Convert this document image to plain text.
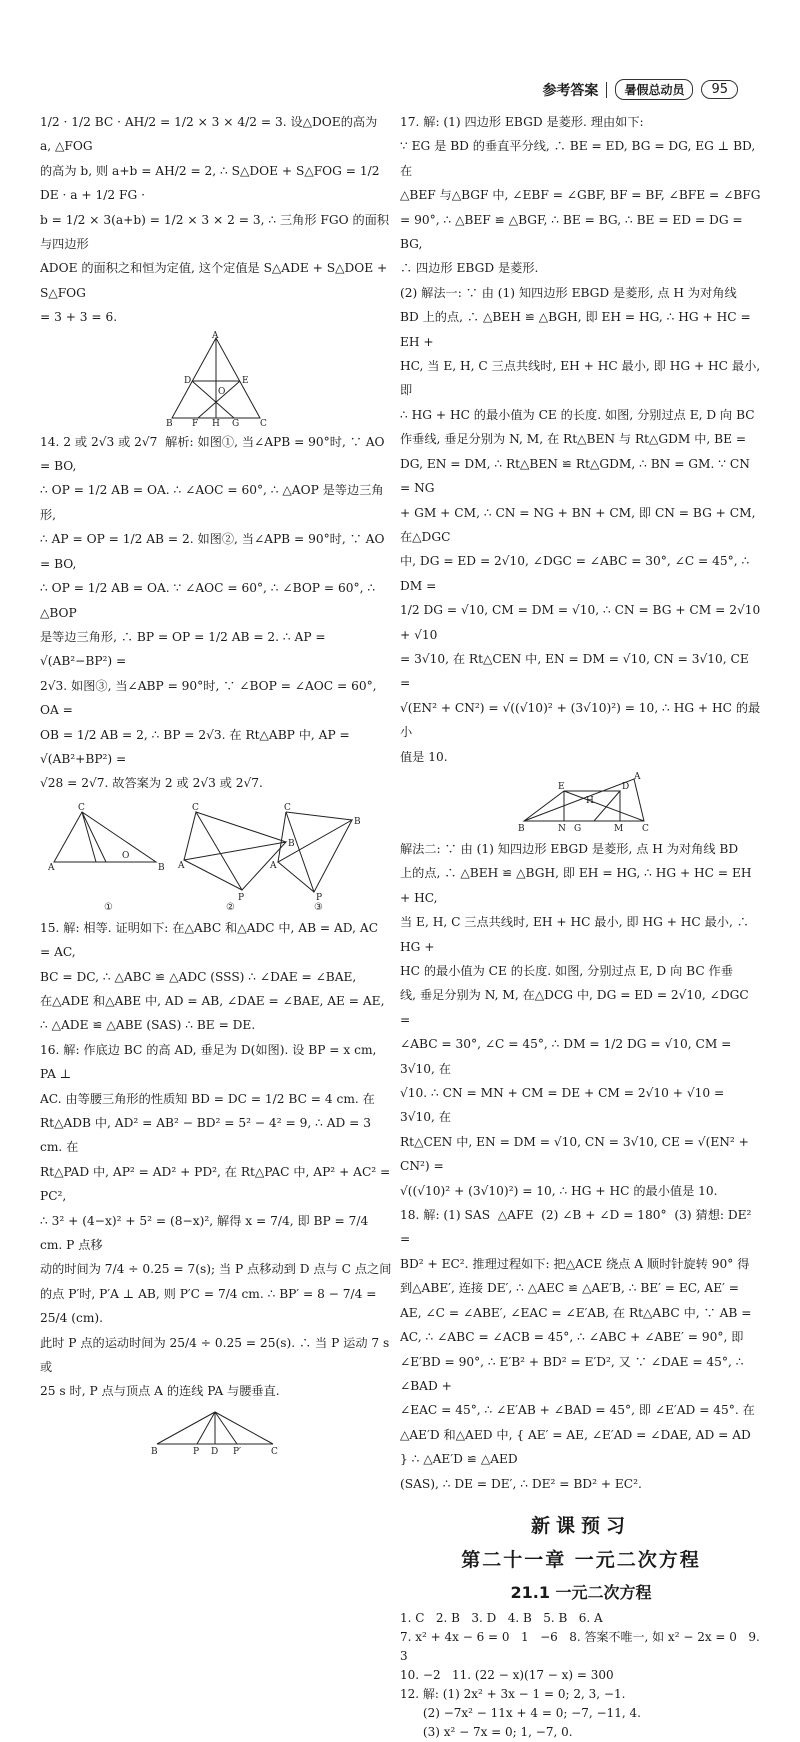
参考答案	暑假总动员	95

1/2 · 1/2 BC · AH/2 = 1/2 × 3 × 4/2 = 3. 设△DOE的高为 a, △FOG

的高为 b, 则 a+b = AH/2 = 2, ∴ S△DOE + S△FOG = 1/2 DE · a + 1/2 FG ·

b = 1/2 × 3(a+b) = 1/2 × 3 × 2 = 3, ∴ 三角形 FGO 的面积与四边形

ADOE 的面积之和恒为定值, 这个定值是 S△ADE + S△DOE + S△FOG

= 3 + 3 = 6.

A
D	E
O
B F H G C

14. 2 或 2√3 或 2√7  解析: 如图①, 当∠APB = 90°时, ∵ AO = BO,

∴ OP = 1/2 AB = OA. ∴ ∠AOC = 60°, ∴ △AOP 是等边三角形,

∴ AP = OP = 1/2 AB = 2. 如图②, 当∠APB = 90°时, ∵ AO = BO,

∴ OP = 1/2 AB = OA. ∵ ∠AOC = 60°, ∴ ∠BOP = 60°, ∴ △BOP

是等边三角形, ∴ BP = OP = 1/2 AB = 2. ∴ AP = √(AB²−BP²) =

2√3. 如图③, 当∠ABP = 90°时, ∵ ∠BOP = ∠AOC = 60°, OA =

OB = 1/2 AB = 2, ∴ BP = 2√3. 在 Rt△ABP 中, AP = √(AB²+BP²) =

√28 = 2√7. 故答案为 2 或 2√3 或 2√7.

C
A	B
O
C
A
B
P
C
A
B
P
①	②	③

15. 解: 相等. 证明如下: 在△ABC 和△ADC 中, AB = AD, AC = AC,

BC = DC, ∴ △ABC ≌ △ADC (SSS) ∴ ∠DAE = ∠BAE,

在△ADE 和△ABE 中, AD = AB, ∠DAE = ∠BAE, AE = AE,

∴ △ADE ≌ △ABE (SAS) ∴ BE = DE.

16. 解: 作底边 BC 的高 AD, 垂足为 D(如图). 设 BP = x cm, PA ⊥

AC. 由等腰三角形的性质知 BD = DC = 1/2 BC = 4 cm. 在

Rt△ADB 中, AD² = AB² − BD² = 5² − 4² = 9, ∴ AD = 3 cm. 在

Rt△PAD 中, AP² = AD² + PD², 在 Rt△PAC 中, AP² + AC² = PC²,

∴ 3² + (4−x)² + 5² = (8−x)², 解得 x = 7/4, 即 BP = 7/4 cm. P 点移

动的时间为 7/4 ÷ 0.25 = 7(s); 当 P 点移动到 D 点与 C 点之间

的点 P′时, P′A ⊥ AB, 则 P′C = 7/4 cm. ∴ BP′ = 8 − 7/4 = 25/4 (cm).

此时 P 点的运动时间为 25/4 ÷ 0.25 = 25(s). ∴ 当 P 运动 7 s 或

25 s 时, P 点与顶点 A 的连线 PA 与腰垂直.

B	P D P′	C

17. 解: (1) 四边形 EBGD 是菱形. 理由如下:

∵ EG 是 BD 的垂直平分线, ∴ BE = ED, BG = DG, EG ⊥ BD, 在

△BEF 与△BGF 中, ∠EBF = ∠GBF, BF = BF, ∠BFE = ∠BFG

= 90°, ∴ △BEF ≌ △BGF, ∴ BE = BG, ∴ BE = ED = DG = BG,

∴ 四边形 EBGD 是菱形.

(2) 解法一: ∵ 由 (1) 知四边形 EBGD 是菱形, 点 H 为对角线

BD 上的点, ∴ △BEH ≌ △BGH, 即 EH = HG, ∴ HG + HC = EH +

HC, 当 E, H, C 三点共线时, EH + HC 最小, 即 HG + HC 最小, 即

∴ HG + HC 的最小值为 CE 的长度. 如图, 分别过点 E, D 向 BC

作垂线, 垂足分别为 N, M, 在 Rt△BEN 与 Rt△GDM 中, BE =

DG, EN = DM, ∴ Rt△BEN ≌ Rt△GDM, ∴ BN = GM. ∵ CN = NG

+ GM + CM, ∴ CN = NG + BN + CM, 即 CN = BG + CM, 在△DGC

中, DG = ED = 2√10, ∠DGC = ∠ABC = 30°, ∠C = 45°, ∴ DM =

1/2 DG = √10, CM = DM = √10, ∴ CN = BG + CM = 2√10 + √10

= 3√10, 在 Rt△CEN 中, EN = DM = √10, CN = 3√10, CE =

√(EN² + CN²) = √((√10)² + (3√10)²) = 10, ∴ HG + HC 的最小

值是 10.

A
E	D
H
B	N G	M C

解法二: ∵ 由 (1) 知四边形 EBGD 是菱形, 点 H 为对角线 BD

上的点, ∴ △BEH ≌ △BGH, 即 EH = HG, ∴ HG + HC = EH + HC,

当 E, H, C 三点共线时, EH + HC 最小, 即 HG + HC 最小, ∴ HG +

HC 的最小值为 CE 的长度. 如图, 分别过点 E, D 向 BC 作垂

线, 垂足分别为 N, M, 在△DCG 中, DG = ED = 2√10, ∠DGC =

∠ABC = 30°, ∠C = 45°, ∴ DM = 1/2 DG = √10, CM = 3√10, 在

√10. ∴ CN = MN + CM = DE + CM = 2√10 + √10 = 3√10, 在

Rt△CEN 中, EN = DM = √10, CN = 3√10, CE = √(EN² + CN²) =

√((√10)² + (3√10)²) = 10, ∴ HG + HC 的最小值是 10.

18. 解: (1) SAS  △AFE  (2) ∠B + ∠D = 180°  (3) 猜想: DE² =

BD² + EC². 推理过程如下: 把△ACE 绕点 A 顺时针旋转 90° 得

到△ABE′, 连接 DE′, ∴ △AEC ≌ △AE′B, ∴ BE′ = EC, AE′ =

AE, ∠C = ∠ABE′, ∠EAC = ∠E′AB, 在 Rt△ABC 中, ∵ AB =

AC, ∴ ∠ABC = ∠ACB = 45°, ∴ ∠ABC + ∠ABE′ = 90°, 即

∠E′BD = 90°, ∴ E′B² + BD² = E′D², 又 ∵ ∠DAE = 45°, ∴ ∠BAD +

∠EAC = 45°, ∴ ∠E′AB + ∠BAD = 45°, 即 ∠E′AD = 45°. 在

△AE′D 和△AED 中, { AE′ = AE, ∠E′AD = ∠DAE, AD = AD } ∴ △AE′D ≌ △AED

(SAS), ∴ DE = DE′, ∴ DE² = BD² + EC².

新课预习
第二十一章 一元二次方程
21.1 一元二次方程

1. C   2. B   3. D   4. B   5. B   6. A

7. x² + 4x − 6 = 0   1   −6   8. 答案不唯一, 如 x² − 2x = 0   9. 3

10. −2   11. (22 − x)(17 − x) = 300

12. 解: (1) 2x² + 3x − 1 = 0; 2, 3, −1.

(2) −7x² − 11x + 4 = 0; −7, −11, 4.

(3) x² − 7x = 0; 1, −7, 0.
